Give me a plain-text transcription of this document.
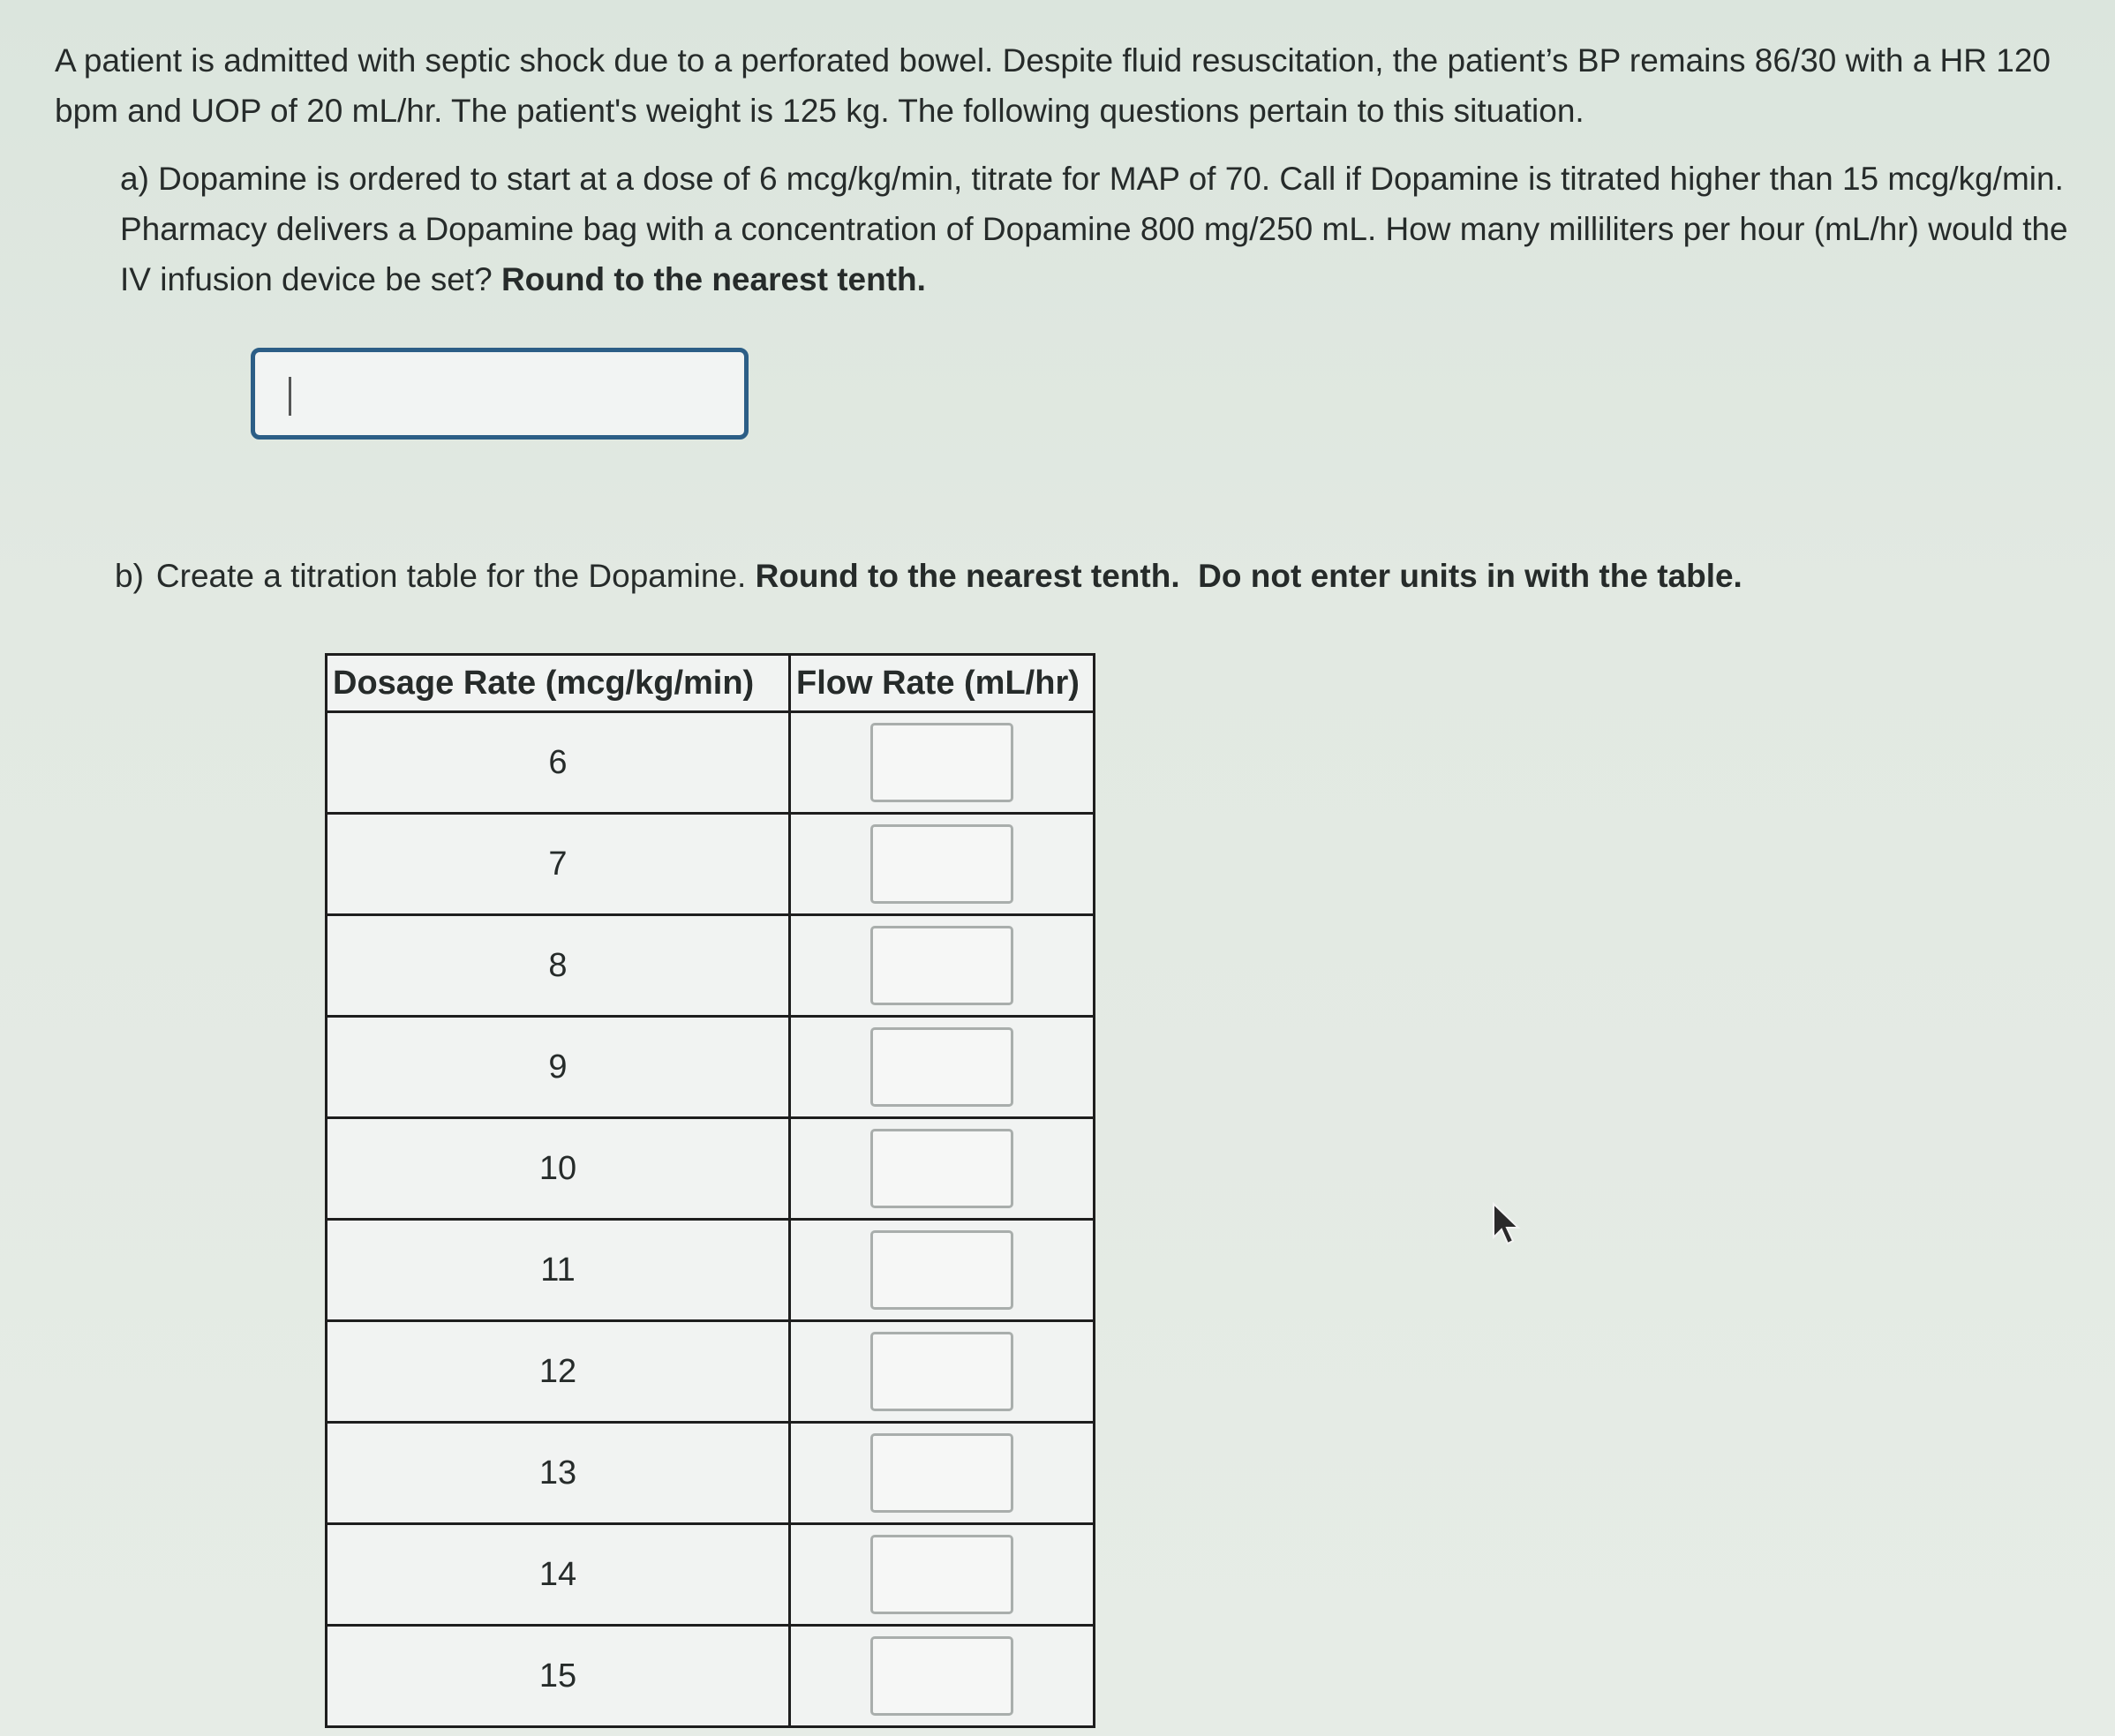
A patient is admitted with septic shock due to a perforated bowel. Despite fluid resuscitation, the patient’s BP remains 86/30 with a HR 120 bpm and UOP of 20 mL/hr. The patient's weight is 125 kg. The following questions pertain to this situation.

a) Dopamine is ordered to start at a dose of 6 mcg/kg/min, titrate for MAP of 70. Call if Dopamine is titrated higher than 15 mcg/kg/min. Pharmacy delivers a Dopamine bag with a concentration of Dopamine 800 mg/250 mL. How many milliliters per hour (mL/hr) would the IV infusion device be set? Round to the nearest tenth.

b) Create a titration table for the Dopamine. Round to the nearest tenth. Do not enter units in with the table.

Dosage Rate (mcg/kg/min)	Flow Rate (mL/hr)
6	

7	

8	

9	

10	

11	

12	

13	

14	

15	
